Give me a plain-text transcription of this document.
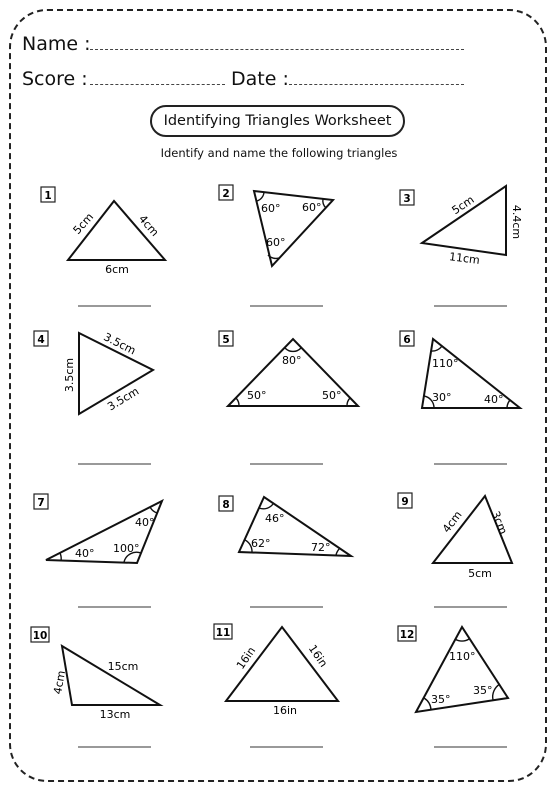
Name :
Score :	Date :
Identifying Triangles Worksheet
Identify and name the following triangles
1
5cm	4cm
6cm
2
60° 60°
60°
3	5cm	4.4cm
11cm
4	3.5cm
3.5cm
3.5cm
5
80°
50°	50°
6
110°
30°	40°
7
40°
40°
100°
8
46°
62°	72°
9
4cm 3cm
5cm
10
4cm
15cm
13cm
11
16in	16in
16in
12
110°
35°
35°
